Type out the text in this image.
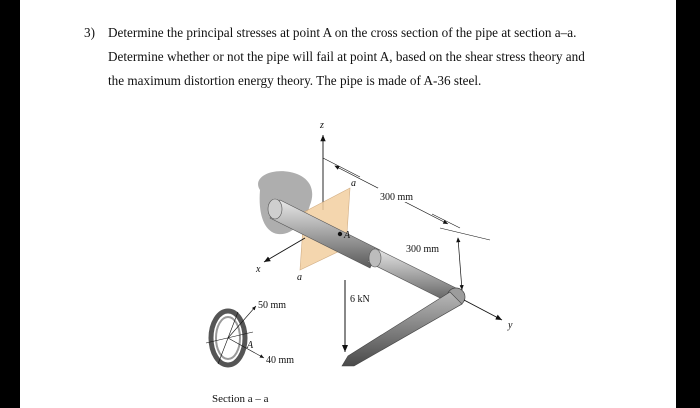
3) Determine the principal stresses at point A on the cross section of the pipe at section a–a.
Determine whether or not the pipe will fail at point A, based on the shear stress theory and
the maximum distortion energy theory. The pipe is made of A-36 steel.
z
y
x
a
a
A
300 mm
300 mm
6 kN
50 mm
A
40 mm
Section a – a
